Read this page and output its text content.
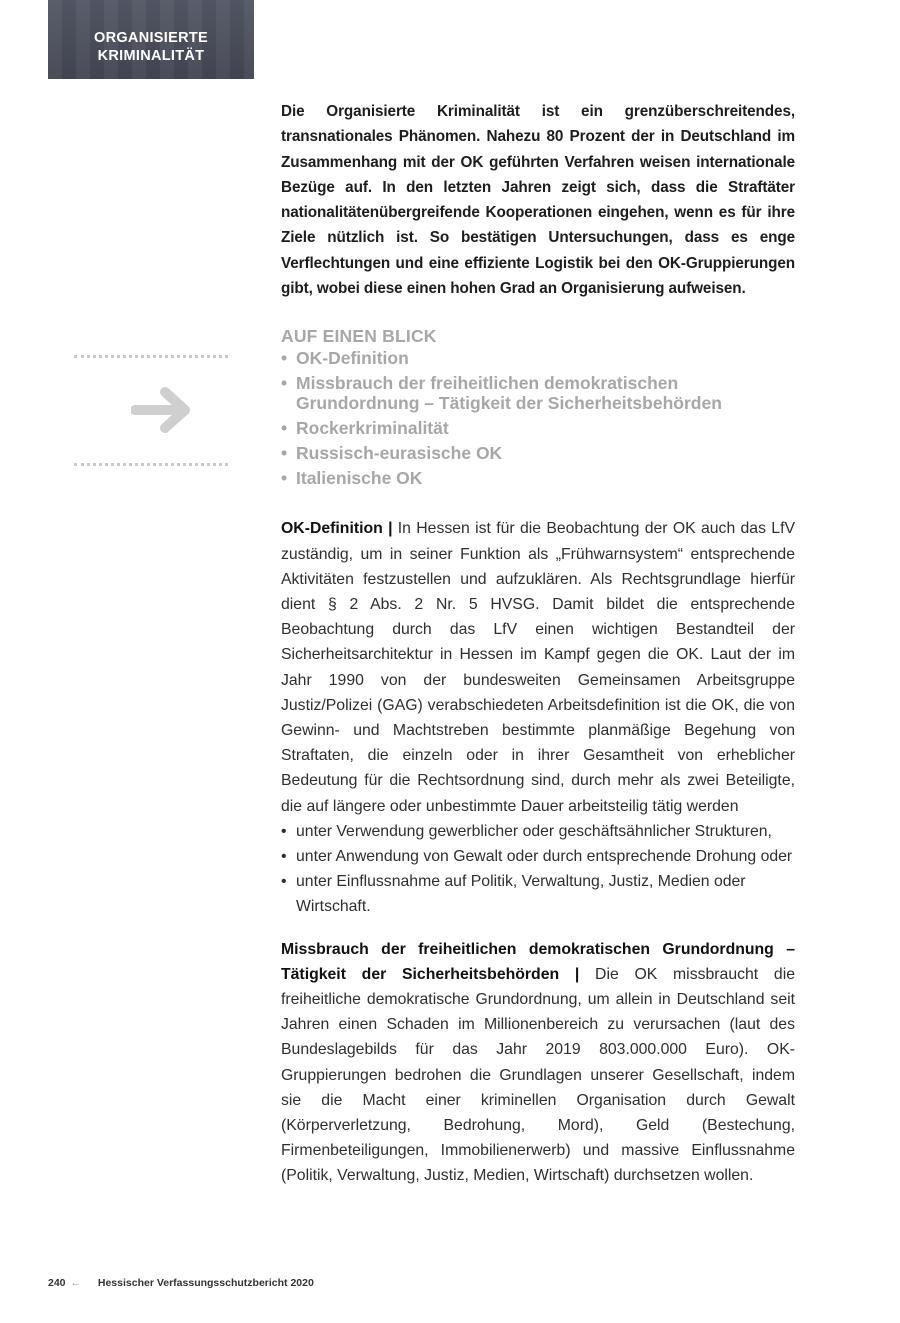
ORGANISIERTE
KRIMINALITÄT

Die Organisierte Kriminalität ist ein grenzüberschreitendes, transnationales Phänomen. Nahezu 80 Prozent der in Deutschland im Zusammenhang mit der OK geführten Verfahren weisen internationale Bezüge auf. In den letzten Jahren zeigt sich, dass die Straftäter nationalitätenübergreifende Kooperationen eingehen, wenn es für ihre Ziele nützlich ist. So bestätigen Untersuchungen, dass es enge Verflechtungen und eine effiziente Logistik bei den OK-Gruppierungen gibt, wobei diese einen hohen Grad an Organisierung aufweisen.

AUF EINEN BLICK
• OK-Definition
• Missbrauch der freiheitlichen demokratischen Grundordnung – Tätigkeit der Sicherheitsbehörden
• Rockerkriminalität
• Russisch-eurasische OK
• Italienische OK

OK-Definition | In Hessen ist für die Beobachtung der OK auch das LfV zuständig, um in seiner Funktion als „Frühwarnsystem“ entsprechende Aktivitäten festzustellen und aufzuklären. Als Rechtsgrundlage hierfür dient § 2 Abs. 2 Nr. 5 HVSG. Damit bildet die entsprechende Beobachtung durch das LfV einen wichtigen Bestandteil der Sicherheitsarchitektur in Hessen im Kampf gegen die OK. Laut der im Jahr 1990 von der bundesweiten Gemeinsamen Arbeitsgruppe Justiz/Polizei (GAG) verabschiedeten Arbeitsdefinition ist die OK, die von Gewinn- und Machtstreben bestimmte planmäßige Begehung von Straftaten, die einzeln oder in ihrer Gesamtheit von erheblicher Bedeutung für die Rechtsordnung sind, durch mehr als zwei Beteiligte, die auf längere oder unbestimmte Dauer arbeitsteilig tätig werden

• unter Verwendung gewerblicher oder geschäftsähnlicher Strukturen,
• unter Anwendung von Gewalt oder durch entsprechende Drohung oder
• unter Einflussnahme auf Politik, Verwaltung, Justiz, Medien oder Wirtschaft.

Missbrauch der freiheitlichen demokratischen Grundordnung – Tätigkeit der Sicherheitsbehörden | Die OK missbraucht die freiheitliche demokratische Grundordnung, um allein in Deutschland seit Jahren einen Schaden im Millionenbereich zu verursachen (laut des Bundeslagebilds für das Jahr 2019 803.000.000 Euro). OK-Gruppierungen bedrohen die Grundlagen unserer Gesellschaft, indem sie die Macht einer kriminellen Organisation durch Gewalt (Körperverletzung, Bedrohung, Mord), Geld (Bestechung, Firmenbeteiligungen, Immobilienerwerb) und massive Einflussnahme (Politik, Verwaltung, Justiz, Medien, Wirtschaft) durchsetzen wollen.

240 ← Hessischer Verfassungsschutzbericht 2020
